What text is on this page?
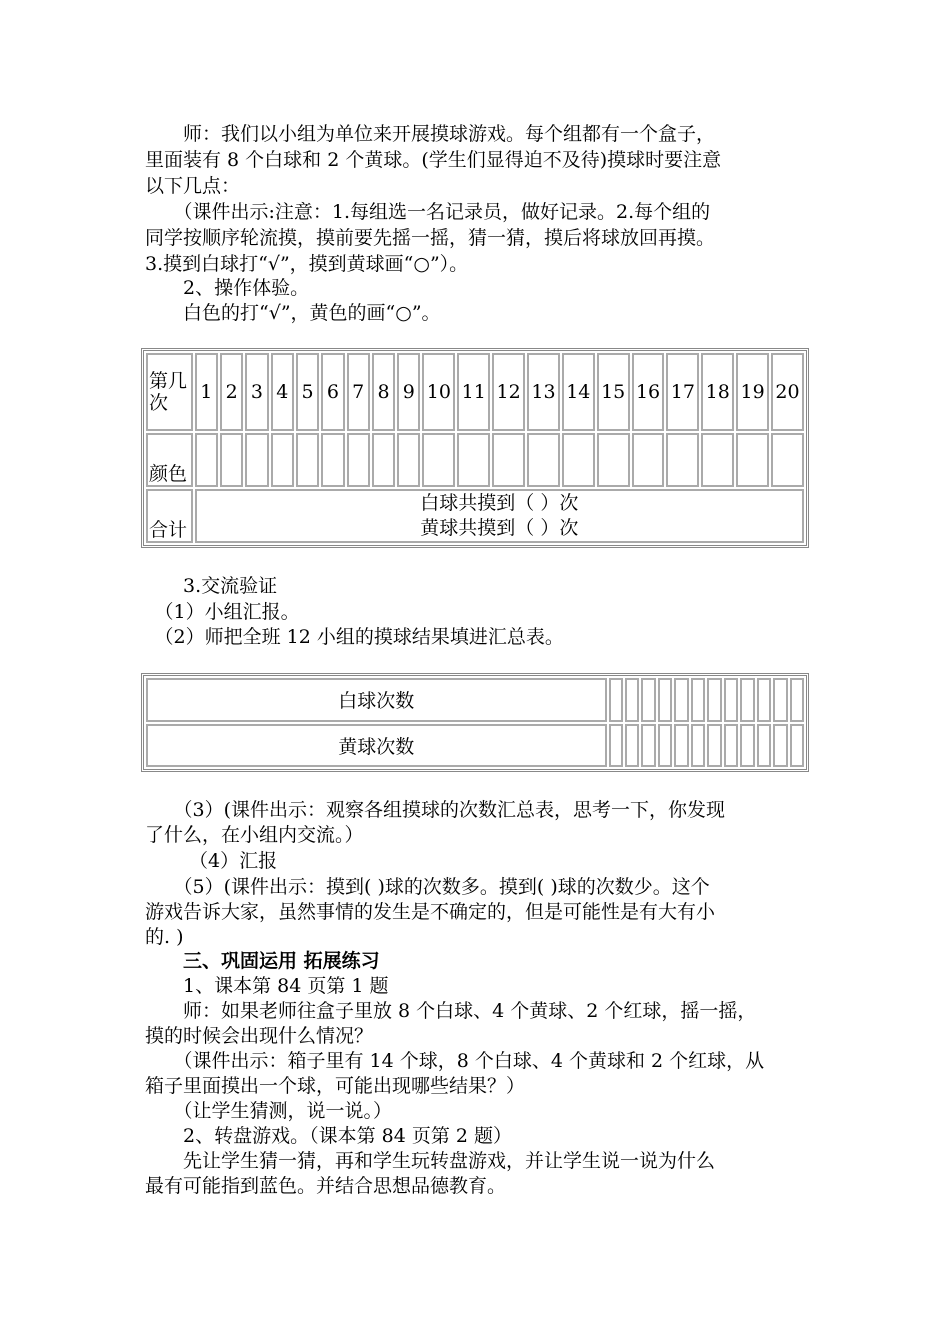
　　师：我们以小组为单位来开展摸球游戏。每个组都有一个盒子，
里面装有 8 个白球和 2 个黄球。(学生们显得迫不及待)摸球时要注意
以下几点：
　　（课件出示:注意：1.每组选一名记录员，做好记录。2.每个组的
同学按顺序轮流摸，摸前要先摇一摇，猜一猜，摸后将球放回再摸。
3.摸到白球打“√”，摸到黄球画“○”）。
　　2、操作体验。
　　白色的打“√”，黄色的画“○”。
第几次	1	2	3	4	5	6	7	8	9	10	11	12	13	14	15	16	17	18	19	20
颜色																				
合计	白球共摸到（ ）次
黄球共摸到（ ）次																			
　　3.交流验证
　（1）小组汇报。
　（2）师把全班 12 小组的摸球结果填进汇总表。
白球次数												
黄球次数												
　　（3）(课件出示：观察各组摸球的次数汇总表，思考一下，你发现
了什么，在小组内交流。）
　　 （4）汇报
　　（5）(课件出示：摸到( )球的次数多。摸到( )球的次数少。这个
游戏告诉大家，虽然事情的发生是不确定的，但是可能性是有大有小
的. )
　　三、巩固运用 拓展练习
　　1、课本第 84 页第 1 题
　　师：如果老师往盒子里放 8 个白球、4 个黄球、2 个红球，摇一摇，
摸的时候会出现什么情况？
　　（课件出示：箱子里有 14 个球，8 个白球、4 个黄球和 2 个红球，从
箱子里面摸出一个球，可能出现哪些结果？）
　　（让学生猜测，说一说。）
　　2、转盘游戏。（课本第 84 页第 2 题）
　　先让学生猜一猜，再和学生玩转盘游戏，并让学生说一说为什么
最有可能指到蓝色。并结合思想品德教育。
